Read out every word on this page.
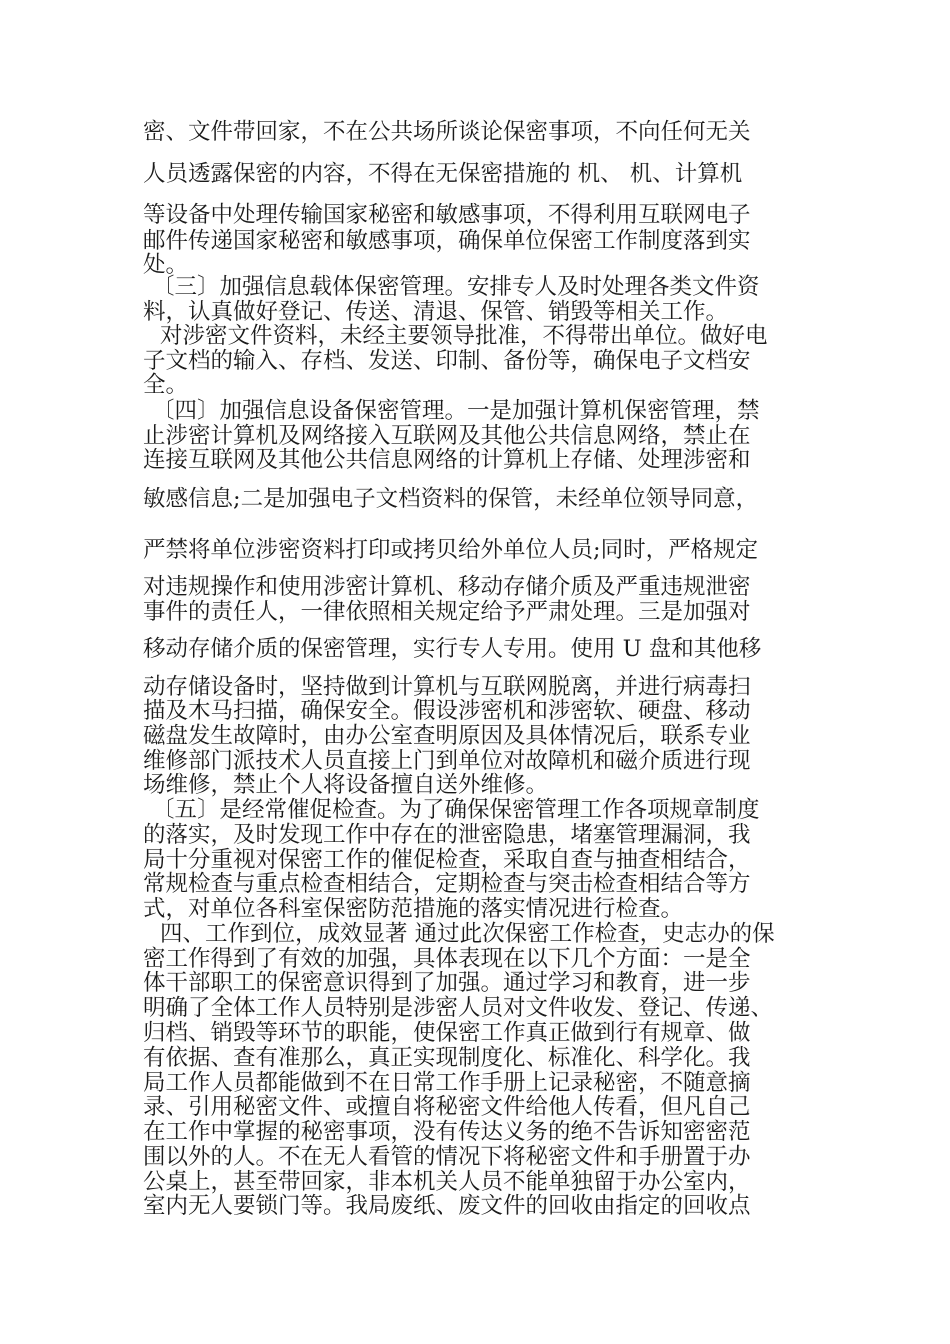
密、文件带回家，不在公共场所谈论保密事项，不向任何无关

人员透露保密的内容，不得在无保密措施的 机、 机、计算机

等设备中处理传输国家秘密和敏感事项，不得利用互联网电子

邮件传递国家秘密和敏感事项，确保单位保密工作制度落到实

处。

〔三〕加强信息载体保密管理。安排专人及时处理各类文件资

料，认真做好登记、传送、清退、保管、销毁等相关工作。

对涉密文件资料，未经主要领导批准，不得带出单位。做好电

子文档的输入、存档、发送、印制、备份等，确保电子文档安

全。

〔四〕加强信息设备保密管理。一是加强计算机保密管理，禁

止涉密计算机及网络接入互联网及其他公共信息网络，禁止在

连接互联网及其他公共信息网络的计算机上存储、处理涉密和

敏感信息;二是加强电子文档资料的保管，未经单位领导同意，

严禁将单位涉密资料打印或拷贝给外单位人员;同时，严格规定

对违规操作和使用涉密计算机、移动存储介质及严重违规泄密

事件的责任人，一律依照相关规定给予严肃处理。三是加强对

移动存储介质的保密管理，实行专人专用。使用 U 盘和其他移

动存储设备时，坚持做到计算机与互联网脱离，并进行病毒扫

描及木马扫描，确保安全。假设涉密机和涉密软、硬盘、移动

磁盘发生故障时，由办公室查明原因及具体情况后，联系专业

维修部门派技术人员直接上门到单位对故障机和磁介质进行现

场维修，禁止个人将设备擅自送外维修。

〔五〕是经常催促检查。为了确保保密管理工作各项规章制度

的落实，及时发现工作中存在的泄密隐患，堵塞管理漏洞，我

局十分重视对保密工作的催促检查，采取自查与抽查相结合，

常规检查与重点检查相结合，定期检查与突击检查相结合等方

式，对单位各科室保密防范措施的落实情况进行检查。

四、工作到位，成效显著 通过此次保密工作检查，史志办的保

密工作得到了有效的加强，具体表现在以下几个方面：一是全

体干部职工的保密意识得到了加强。通过学习和教育，进一步

明确了全体工作人员特别是涉密人员对文件收发、登记、传递、

归档、销毁等环节的职能，使保密工作真正做到行有规章、做

有依据、查有准那么，真正实现制度化、标准化、科学化。我

局工作人员都能做到不在日常工作手册上记录秘密，不随意摘

录、引用秘密文件、或擅自将秘密文件给他人传看，但凡自己

在工作中掌握的秘密事项，没有传达义务的绝不告诉知密密范

围以外的人。不在无人看管的情况下将秘密文件和手册置于办

公桌上，甚至带回家，非本机关人员不能单独留于办公室内，

室内无人要锁门等。我局废纸、废文件的回收由指定的回收点
